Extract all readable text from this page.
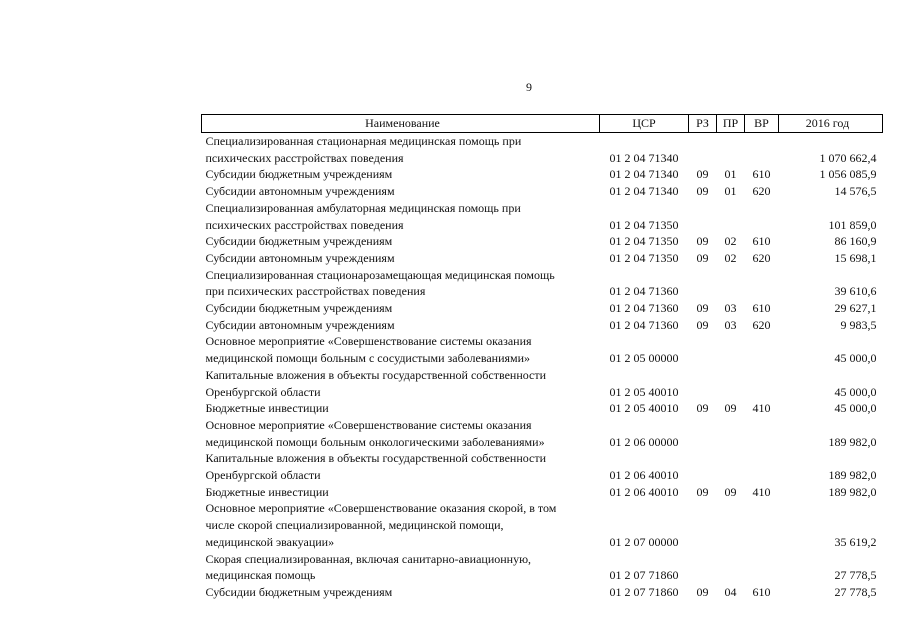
9
Наименование	ЦСР	РЗ	ПР	ВР	2016 год

Специализированная стационарная медицинская помощь при
психических расстройствах поведения	01 2 04 71340				1 070 662,4

Субсидии бюджетным учреждениям	01 2 04 71340	09	01	610	1 056 085,9

Субсидии автономным учреждениям	01 2 04 71340	09	01	620	14 576,5

Специализированная амбулаторная медицинская помощь при
психических расстройствах поведения	01 2 04 71350				101 859,0

Субсидии бюджетным учреждениям	01 2 04 71350	09	02	610	86 160,9

Субсидии автономным учреждениям	01 2 04 71350	09	02	620	15 698,1

Специализированная стационарозамещающая медицинская помощь
при психических расстройствах поведения	01 2 04 71360				39 610,6

Субсидии бюджетным учреждениям	01 2 04 71360	09	03	610	29 627,1

Субсидии автономным учреждениям	01 2 04 71360	09	03	620	9 983,5

Основное мероприятие «Совершенствование системы оказания
медицинской помощи больным с сосудистыми заболеваниями»	01 2 05 00000				45 000,0

Капитальные вложения в объекты государственной собственности
Оренбургской области	01 2 05 40010				45 000,0

Бюджетные инвестиции	01 2 05 40010	09	09	410	45 000,0

Основное мероприятие «Совершенствование системы оказания
медицинской помощи больным онкологическими заболеваниями»	01 2 06 00000				189 982,0

Капитальные вложения в объекты государственной собственности
Оренбургской области	01 2 06 40010				189 982,0

Бюджетные инвестиции	01 2 06 40010	09	09	410	189 982,0

Основное мероприятие «Совершенствование оказания скорой, в том
числе скорой специализированной, медицинской помощи,
медицинской эвакуации»	01 2 07 00000				35 619,2

Скорая специализированная, включая санитарно-авиационную,
медицинская помощь	01 2 07 71860				27 778,5

Субсидии бюджетным учреждениям	01 2 07 71860	09	04	610	27 778,5
